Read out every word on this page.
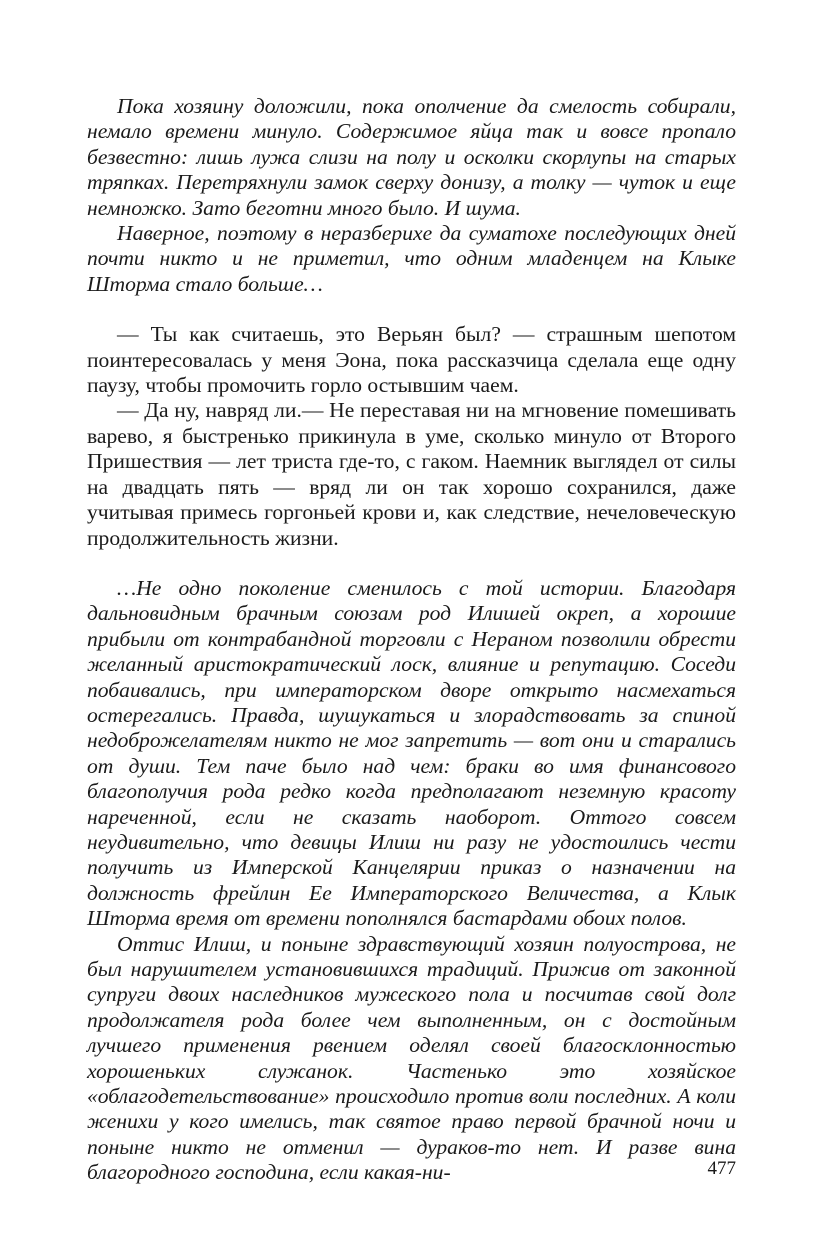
Пока хозяину доложили, пока ополчение да смелость собирали, немало времени минуло. Содержимое яйца так и вовсе пропало безвестно: лишь лужа слизи на полу и осколки скорлупы на старых тряпках. Перетряхнули замок сверху донизу, а толку — чуток и еще немножко. Зато беготни много было. И шума.

Наверное, поэтому в неразберихе да суматохе последующих дней почти никто и не приметил, что одним младенцем на Клыке Шторма стало больше…

— Ты как считаешь, это Верьян был? — страшным шепотом поинтересовалась у меня Эона, пока рассказчица сделала еще одну паузу, чтобы промочить горло остывшим чаем.

— Да ну, навряд ли.— Не переставая ни на мгновение помешивать варево, я быстренько прикинула в уме, сколько минуло от Второго Пришествия — лет триста где-то, с гаком. Наемник выглядел от силы на двадцать пять — вряд ли он так хорошо сохранился, даже учитывая примесь горгоньей крови и, как следствие, нечеловеческую продолжительность жизни.

…Не одно поколение сменилось с той истории. Благодаря дальновидным брачным союзам род Илишей окреп, а хорошие прибыли от контрабандной торговли с Нераном позволили обрести желанный аристократический лоск, влияние и репутацию. Соседи побаивались, при императорском дворе открыто насмехаться остерегались. Правда, шушукаться и злорадствовать за спиной недоброжелателям никто не мог запретить — вот они и старались от души. Тем паче было над чем: браки во имя финансового благополучия рода редко когда предполагают неземную красоту нареченной, если не сказать наоборот. Оттого совсем неудивительно, что девицы Илиш ни разу не удостоились чести получить из Имперской Канцелярии приказ о назначении на должность фрейлин Ее Императорского Величества, а Клык Шторма время от времени пополнялся бастардами обоих полов.

Оттис Илиш, и поныне здравствующий хозяин полуострова, не был нарушителем установившихся традиций. Прижив от законной супруги двоих наследников мужеского пола и посчитав свой долг продолжателя рода более чем выполненным, он с достойным лучшего применения рвением оделял своей благосклонностью хорошеньких служанок. Частенько это хозяйское «облагодетельствование» происходило против воли последних. А коли женихи у кого имелись, так святое право первой брачной ночи и поныне никто не отменил — дураков-то нет. И разве вина благородного господина, если какая-ни-	477
